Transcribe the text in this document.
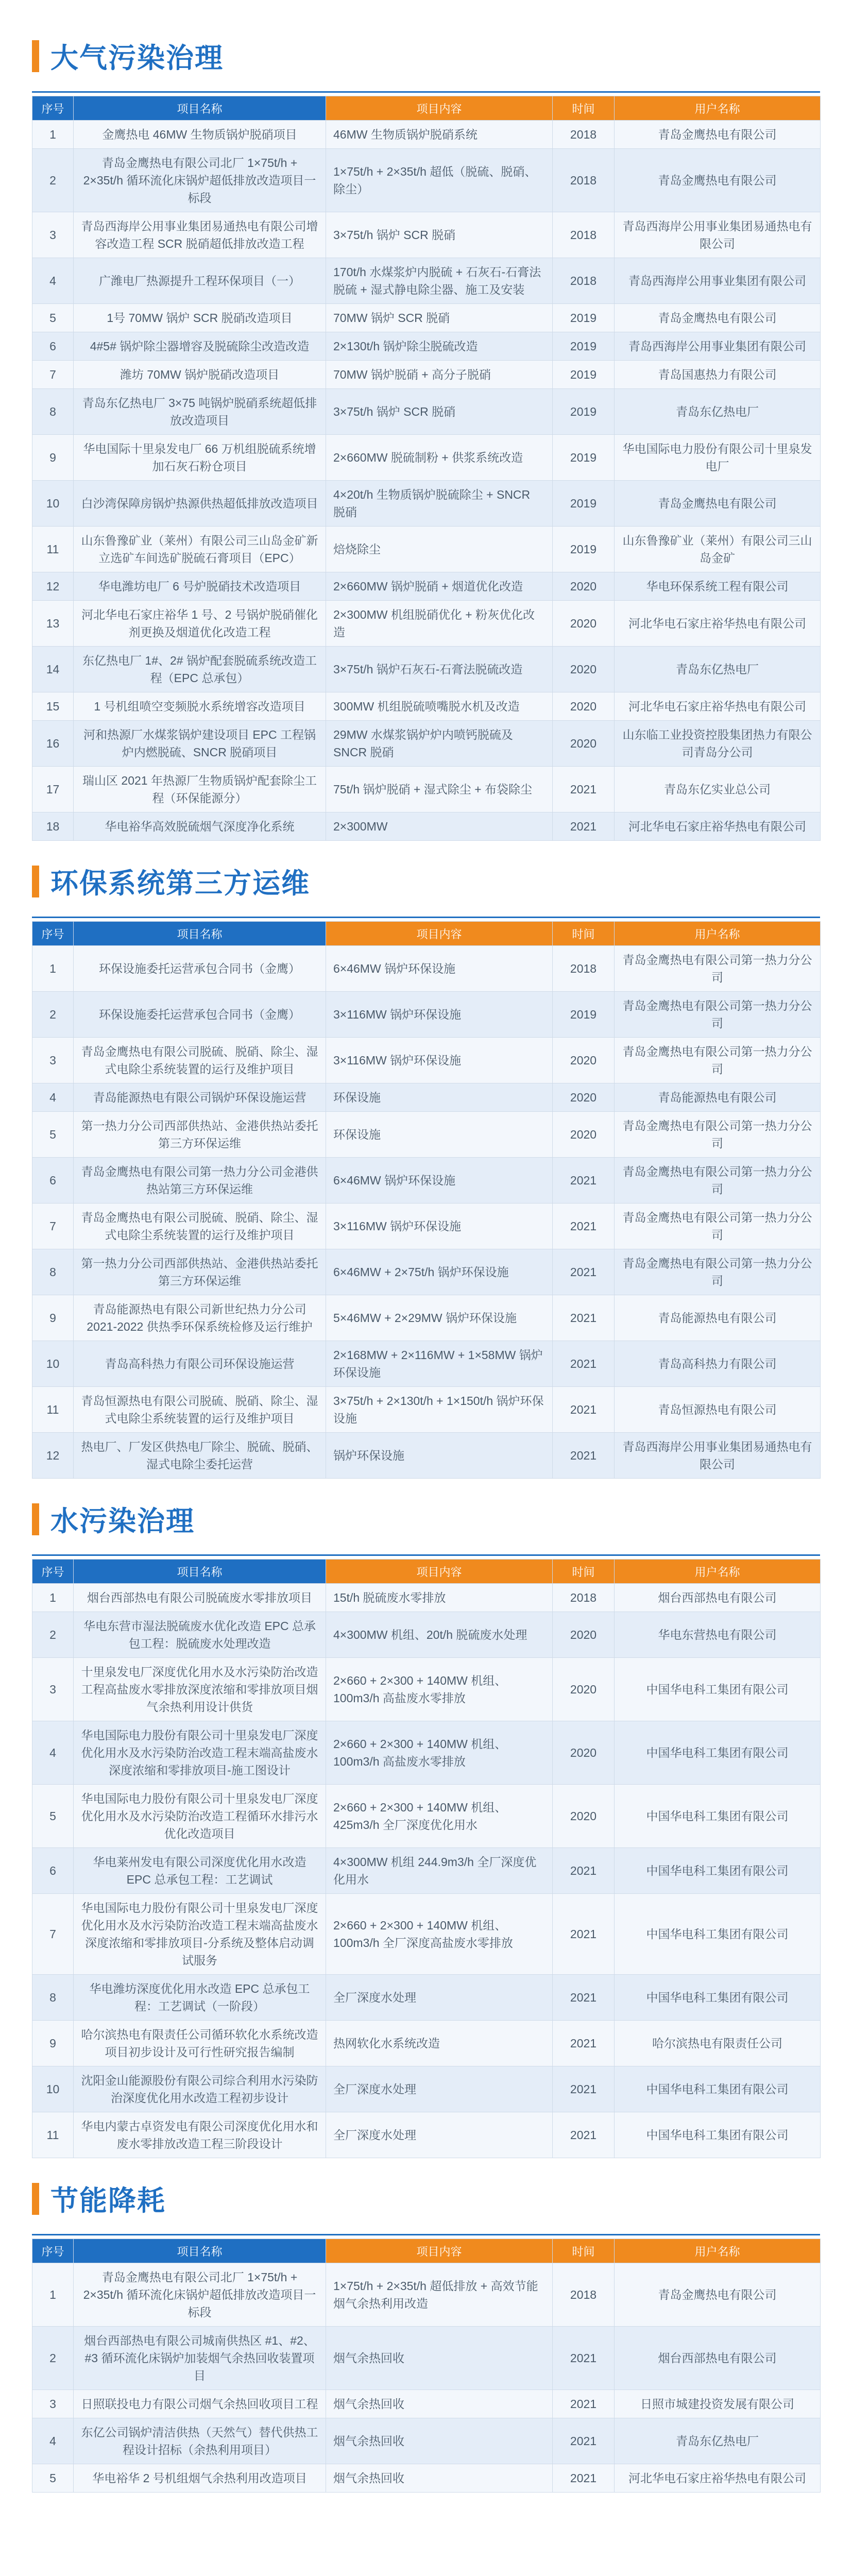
大气污染治理
序号	项目名称	项目内容	时间	用户名称
1	金鹰热电 46MW 生物质锅炉脱硝项目	46MW 生物质锅炉脱硝系统	2018	青岛金鹰热电有限公司
2	青岛金鹰热电有限公司北厂 1×75t/h + 2×35t/h 循环流化床锅炉超低排放改造项目一标段	1×75t/h + 2×35t/h 超低（脱硫、脱硝、除尘）	2018	青岛金鹰热电有限公司
3	青岛西海岸公用事业集团易通热电有限公司增容改造工程 SCR 脱硝超低排放改造工程	3×75t/h 锅炉 SCR 脱硝	2018	青岛西海岸公用事业集团易通热电有限公司
4	广潍电厂热源提升工程环保项目（一）	170t/h 水煤浆炉内脱硫 + 石灰石-石膏法脱硫 + 湿式静电除尘器、施工及安装	2018	青岛西海岸公用事业集团有限公司
5	1号 70MW 锅炉 SCR 脱硝改造项目	70MW 锅炉 SCR 脱硝	2019	青岛金鹰热电有限公司
6	4#5# 锅炉除尘器增容及脱硫除尘改造改造	2×130t/h 锅炉除尘脱硫改造	2019	青岛西海岸公用事业集团有限公司
7	潍坊 70MW 锅炉脱硝改造项目	70MW 锅炉脱硝 + 高分子脱硝	2019	青岛国惠热力有限公司
8	青岛东亿热电厂 3×75 吨锅炉脱硝系统超低排放改造项目	3×75t/h 锅炉 SCR 脱硝	2019	青岛东亿热电厂
9	华电国际十里泉发电厂 66 万机组脱硫系统增加石灰石粉仓项目	2×660MW 脱硫制粉 + 供浆系统改造	2019	华电国际电力股份有限公司十里泉发电厂
10	白沙湾保障房锅炉热源供热超低排放改造项目	4×20t/h 生物质锅炉脱硫除尘 + SNCR 脱硝	2019	青岛金鹰热电有限公司
11	山东鲁豫矿业（莱州）有限公司三山岛金矿新立选矿车间选矿脱硫石膏项目（EPC）	焙烧除尘	2019	山东鲁豫矿业（莱州）有限公司三山岛金矿
12	华电潍坊电厂 6 号炉脱硝技术改造项目	2×660MW 锅炉脱硝 + 烟道优化改造	2020	华电环保系统工程有限公司
13	河北华电石家庄裕华 1 号、2 号锅炉脱硝催化剂更换及烟道优化改造工程	2×300MW 机组脱硝优化 + 粉灰优化改造	2020	河北华电石家庄裕华热电有限公司
14	东亿热电厂 1#、2# 锅炉配套脱硫系统改造工程（EPC 总承包）	3×75t/h 锅炉石灰石-石膏法脱硫改造	2020	青岛东亿热电厂
15	1 号机组喷空变频脱水系统增容改造项目	300MW 机组脱硫喷嘴脱水机及改造	2020	河北华电石家庄裕华热电有限公司
16	河和热源厂水煤浆锅炉建设项目 EPC 工程锅炉内燃脱硫、SNCR 脱硝项目	29MW 水煤浆锅炉炉内喷钙脱硫及 SNCR 脱硝	2020	山东临工业投资控股集团热力有限公司青岛分公司
17	瑞山区 2021 年热源厂生物质锅炉配套除尘工程（环保能源分）	75t/h 锅炉脱硝 + 湿式除尘 + 布袋除尘	2021	青岛东亿实业总公司
18	华电裕华高效脱硫烟气深度净化系统	2×300MW	2021	河北华电石家庄裕华热电有限公司
环保系统第三方运维
序号	项目名称	项目内容	时间	用户名称
1	环保设施委托运营承包合同书（金鹰）	6×46MW 锅炉环保设施	2018	青岛金鹰热电有限公司第一热力分公司
2	环保设施委托运营承包合同书（金鹰）	3×116MW 锅炉环保设施	2019	青岛金鹰热电有限公司第一热力分公司
3	青岛金鹰热电有限公司脱硫、脱硝、除尘、湿式电除尘系统装置的运行及维护项目	3×116MW 锅炉环保设施	2020	青岛金鹰热电有限公司第一热力分公司
4	青岛能源热电有限公司锅炉环保设施运营	环保设施	2020	青岛能源热电有限公司
5	第一热力分公司西部供热站、金港供热站委托第三方环保运维	环保设施	2020	青岛金鹰热电有限公司第一热力分公司
6	青岛金鹰热电有限公司第一热力分公司金港供热站第三方环保运维	6×46MW 锅炉环保设施	2021	青岛金鹰热电有限公司第一热力分公司
7	青岛金鹰热电有限公司脱硫、脱硝、除尘、湿式电除尘系统装置的运行及维护项目	3×116MW 锅炉环保设施	2021	青岛金鹰热电有限公司第一热力分公司
8	第一热力分公司西部供热站、金港供热站委托第三方环保运维	6×46MW + 2×75t/h 锅炉环保设施	2021	青岛金鹰热电有限公司第一热力分公司
9	青岛能源热电有限公司新世纪热力分公司 2021-2022 供热季环保系统检修及运行维护	5×46MW + 2×29MW 锅炉环保设施	2021	青岛能源热电有限公司
10	青岛高科热力有限公司环保设施运营	2×168MW + 2×116MW + 1×58MW 锅炉环保设施	2021	青岛高科热力有限公司
11	青岛恒源热电有限公司脱硫、脱硝、除尘、湿式电除尘系统装置的运行及维护项目	3×75t/h + 2×130t/h + 1×150t/h 锅炉环保设施	2021	青岛恒源热电有限公司
12	热电厂、厂发区供热电厂除尘、脱硫、脱硝、湿式电除尘委托运营	锅炉环保设施	2021	青岛西海岸公用事业集团易通热电有限公司
水污染治理
序号	项目名称	项目内容	时间	用户名称
1	烟台西部热电有限公司脱硫废水零排放项目	15t/h 脱硫废水零排放	2018	烟台西部热电有限公司
2	华电东营市湿法脱硫废水优化改造 EPC 总承包工程：脱硫废水处理改造	4×300MW 机组、20t/h 脱硫废水处理	2020	华电东营热电有限公司
3	十里泉发电厂深度优化用水及水污染防治改造工程高盐废水零排放深度浓缩和零排放项目烟气余热利用设计供货	2×660 + 2×300 + 140MW 机组、100m3/h 高盐废水零排放	2020	中国华电科工集团有限公司
4	华电国际电力股份有限公司十里泉发电厂深度优化用水及水污染防治改造工程末端高盐废水深度浓缩和零排放项目-施工图设计	2×660 + 2×300 + 140MW 机组、100m3/h 高盐废水零排放	2020	中国华电科工集团有限公司
5	华电国际电力股份有限公司十里泉发电厂深度优化用水及水污染防治改造工程循环水排污水优化改造项目	2×660 + 2×300 + 140MW 机组、425m3/h 全厂深度优化用水	2020	中国华电科工集团有限公司
6	华电莱州发电有限公司深度优化用水改造 EPC 总承包工程：工艺调试	4×300MW 机组 244.9m3/h 全厂深度优化用水	2021	中国华电科工集团有限公司
7	华电国际电力股份有限公司十里泉发电厂深度优化用水及水污染防治改造工程末端高盐废水深度浓缩和零排放项目-分系统及整体启动调试服务	2×660 + 2×300 + 140MW 机组、100m3/h 全厂深度高盐废水零排放	2021	中国华电科工集团有限公司
8	华电潍坊深度优化用水改造 EPC 总承包工程：工艺调试（一阶段）	全厂深度水处理	2021	中国华电科工集团有限公司
9	哈尔滨热电有限责任公司循环软化水系统改造项目初步设计及可行性研究报告编制	热网软化水系统改造	2021	哈尔滨热电有限责任公司
10	沈阳金山能源股份有限公司综合利用水污染防治深度优化用水改造工程初步设计	全厂深度水处理	2021	中国华电科工集团有限公司
11	华电内蒙古卓资发电有限公司深度优化用水和废水零排放改造工程三阶段设计	全厂深度水处理	2021	中国华电科工集团有限公司
节能降耗
序号	项目名称	项目内容	时间	用户名称
1	青岛金鹰热电有限公司北厂 1×75t/h + 2×35t/h 循环流化床锅炉超低排放改造项目一标段	1×75t/h + 2×35t/h 超低排放 + 高效节能烟气余热利用改造	2018	青岛金鹰热电有限公司
2	烟台西部热电有限公司城南供热区 #1、#2、#3 循环流化床锅炉加装烟气余热回收装置项目	烟气余热回收	2021	烟台西部热电有限公司
3	日照联投电力有限公司烟气余热回收项目工程	烟气余热回收	2021	日照市城建投资发展有限公司
4	东亿公司锅炉清洁供热（天然气）替代供热工程设计招标（余热利用项目）	烟气余热回收	2021	青岛东亿热电厂
5	华电裕华 2 号机组烟气余热利用改造项目	烟气余热回收	2021	河北华电石家庄裕华热电有限公司
